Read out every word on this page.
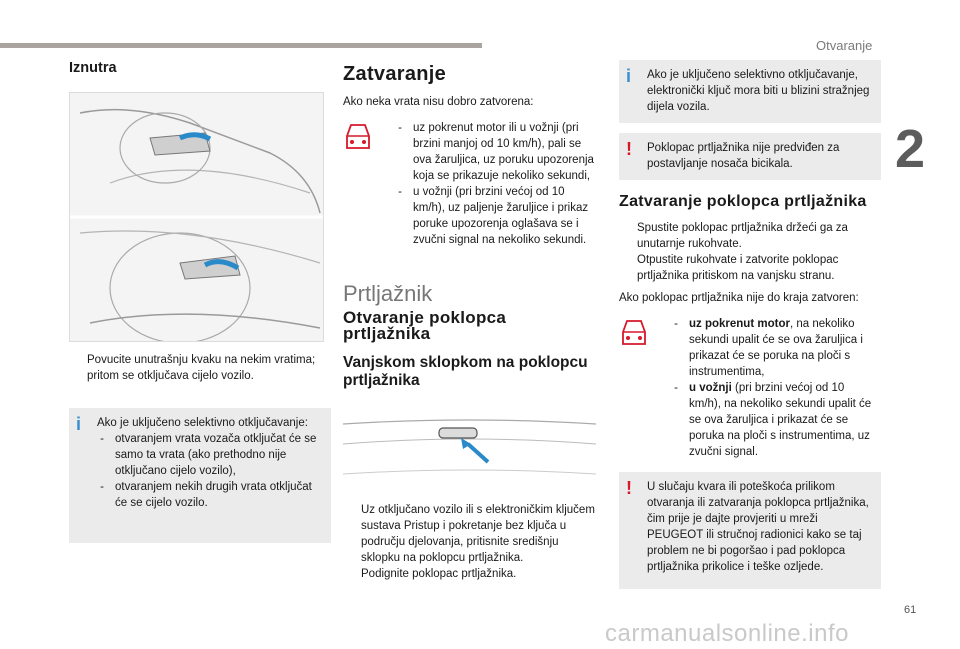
Otvaranje
2
61
carmanualsonline.info
Iznutra
Povucite unutrašnju kvaku na nekim vratima; pritom se otključava cijelo vozilo.
i Ako je uključeno selektivno otključavanje:
- otvaranjem vrata vozača otključat će se samo ta vrata (ako prethodno nije otključano cijelo vozilo),
- otvaranjem nekih drugih vrata otključat će se cijelo vozilo.
Zatvaranje
Ako neka vrata nisu dobro zatvorena:
- uz pokrenut motor ili u vožnji (pri brzini manjoj od 10 km/h), pali se ova žaruljica, uz poruku upozorenja koja se prikazuje nekoliko sekundi,
- u vožnji (pri brzini većoj od 10 km/h), uz paljenje žaruljice i prikaz poruke upozorenja oglašava se i zvučni signal na nekoliko sekundi.
Prtljažnik
Otvaranje poklopca prtljažnika
Vanjskom sklopkom na poklopcu prtljažnika
Uz otključano vozilo ili s elektroničkim ključem sustava Pristup i pokretanje bez ključa u području djelovanja, pritisnite središnju sklopku na poklopcu prtljažnika.
Podignite poklopac prtljažnika.
i Ako je uključeno selektivno otključavanje, elektronički ključ mora biti u blizini stražnjeg dijela vozila.
! Poklopac prtljažnika nije predviđen za postavljanje nosača bicikala.
Zatvaranje poklopca prtljažnika
Spustite poklopac prtljažnika držeći ga za unutarnje rukohvate.
Otpustite rukohvate i zatvorite poklopac prtljažnika pritiskom na vanjsku stranu.
Ako poklopac prtljažnika nije do kraja zatvoren:
- uz pokrenut motor, na nekoliko sekundi upalit će se ova žaruljica i prikazat će se poruka na ploči s instrumentima,
- u vožnji (pri brzini većoj od 10 km/h), na nekoliko sekundi upalit će se ova žaruljica i prikazat će se poruka na ploči s instrumentima, uz zvučni signal.
! U slučaju kvara ili poteškoća prilikom otvaranja ili zatvaranja poklopca prtljažnika, čim prije je dajte provjeriti u mreži PEUGEOT ili stručnoj radionici kako se taj problem ne bi pogoršao i pad poklopca prtljažnika prikolice i teške ozljede.
